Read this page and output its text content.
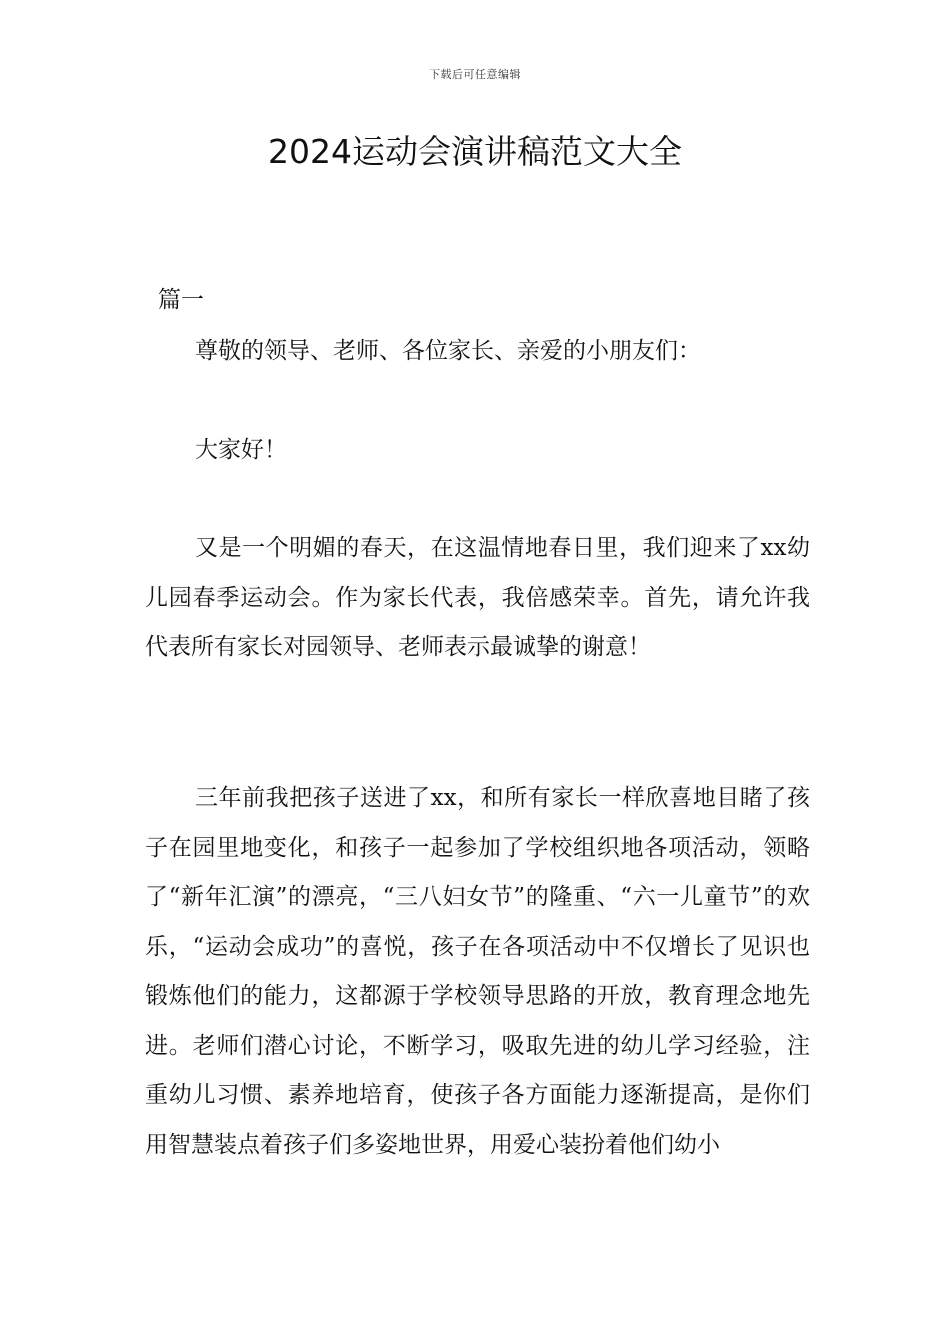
下载后可任意编辑
2024运动会演讲稿范文大全
篇一

尊敬的领导、老师、各位家长、亲爱的小朋友们：

大家好！

又是一个明媚的春天，在这温情地春日里，我们迎来了xx幼儿园春季运动会。作为家长代表，我倍感荣幸。首先，请允许我代表所有家长对园领导、老师表示最诚挚的谢意！

三年前我把孩子送进了xx，和所有家长一样欣喜地目睹了孩子在园里地变化，和孩子一起参加了学校组织地各项活动，领略了“新年汇演”的漂亮，“三八妇女节”的隆重、“六一儿童节”的欢乐，“运动会成功”的喜悦，孩子在各项活动中不仅增长了见识也锻炼他们的能力，这都源于学校领导思路的开放，教育理念地先进。老师们潜心讨论，不断学习，吸取先进的幼儿学习经验，注重幼儿习惯、素养地培育，使孩子各方面能力逐渐提高，是你们用智慧装点着孩子们多姿地世界，用爱心装扮着他们幼小
